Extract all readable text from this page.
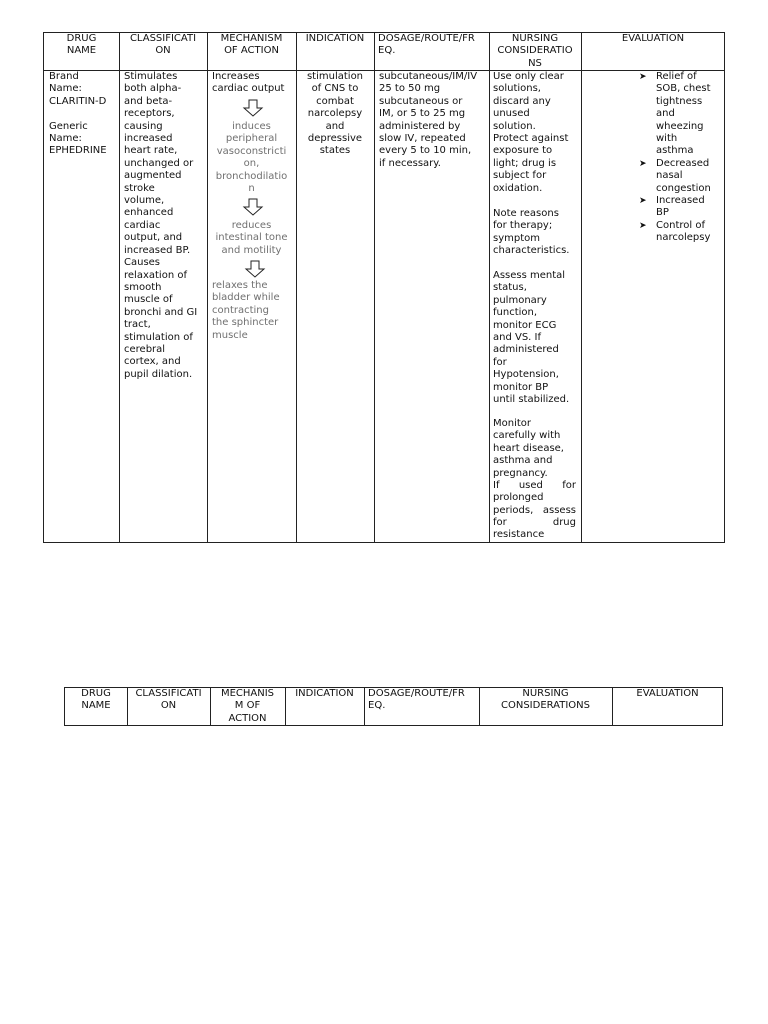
DRUG
NAME
CLASSIFICATI
ON
MECHANISM
OF ACTION
INDICATION	DOSAGE/ROUTE/FR
EQ.
NURSING
CONSIDERATIO
NS
EVALUATION
Brand
Name:
CLARITIN-D

Generic
Name:
EPHEDRINE
Stimulates
both alpha-
and beta-
receptors,
causing
increased
heart rate,
unchanged or
augmented
stroke
volume,
enhanced
cardiac
output, and
increased BP.
Causes
relaxation of
smooth
muscle of
bronchi and GI
tract,
stimulation of
cerebral
cortex, and
pupil dilation.
Increases
cardiac output
induces
peripheral
vasoconstricti
on,
bronchodilatio
n
reduces
intestinal tone
and motility
relaxes the
bladder while
contracting
the sphincter
muscle
stimulation
of CNS to
combat
narcolepsy
and
depressive
states
subcutaneous/IM/IV
25 to 50 mg
subcutaneous or
IM, or 5 to 25 mg
administered by
slow IV, repeated
every 5 to 10 min,
if necessary.
Use only clear
solutions,
discard any
unused
solution.
Protect against
exposure to
light; drug is
subject for
oxidation.
Note reasons
for therapy;
symptom
characteristics.
Assess mental
status,
pulmonary
function,
monitor ECG
and VS. If
administered
for
Hypotension,
monitor BP
until stabilized.
Monitor
carefully with
heart disease,
asthma and
pregnancy.
If used for
prolonged
periods, assess
for drug
resistance
➤ Relief of
SOB, chest
tightness
and
wheezing
with
asthma
➤ Decreased
nasal
congestion
➤ Increased
BP
➤ Control of
narcolepsy
DRUG
NAME
CLASSIFICATI
ON
MECHANIS
M OF
ACTION
INDICATION	DOSAGE/ROUTE/FR
EQ.
NURSING
CONSIDERATIONS
EVALUATION
